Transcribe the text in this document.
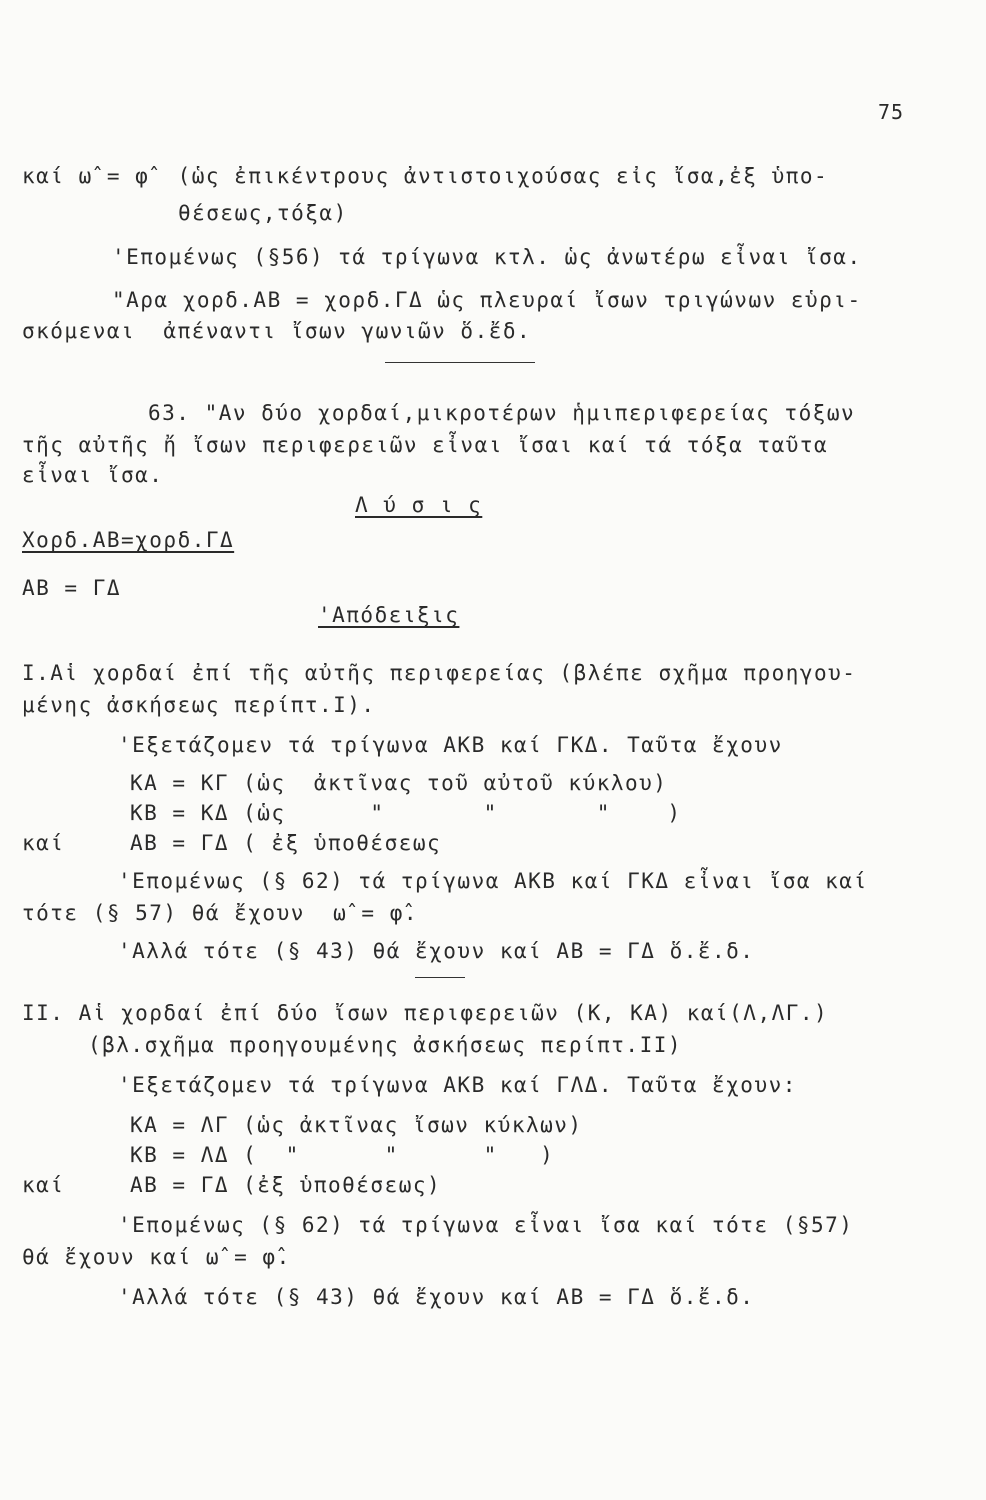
75
καί ω̂ = φ̂  (ὡς ἐπικέντρους ἀντιστοιχούσας εἰς ἴσα,ἐξ ὑπο-
θέσεως,τόξα)
'Επομένως (§56) τά τρίγωνα κτλ. ὡς ἀνωτέρω εἶναι ἴσα.
"Αρα χορδ.ΑΒ = χορδ.ΓΔ ὡς πλευραί ἴσων τριγώνων εὑρι-
σκόμεναι  ἀπέναντι ἴσων γωνιῶν ὅ.ἔδ.
63. "Αν δύο χορδαί,μικροτέρων ἡμιπεριφερείας τόξων
τῆς αὐτῆς ἤ ἴσων περιφερειῶν εἶναι ἴσαι καί τά τόξα ταῦτα
εἶναι ἴσα.
Λ ύ σ ι ς
Χορδ.ΑΒ=χορδ.ΓΔ
ΑΒ = ΓΔ
'Απόδειξις
Ι.Αἱ χορδαί ἐπί τῆς αὐτῆς περιφερείας (βλέπε σχῆμα προηγου-
μένης ἀσκήσεως περίπτ.Ι).
'Εξετάζομεν τά τρίγωνα ΑΚΒ καί ΓΚΔ. Ταῦτα ἔχουν
ΚΑ = ΚΓ (ὡς  ἀκτῖνας τοῦ αὐτοῦ κύκλου)
ΚΒ = ΚΔ (ὡς      "       "       "    )
καί	ΑΒ = ΓΔ ( ἐξ ὑποθέσεως
'Επομένως (§ 62) τά τρίγωνα ΑΚΒ καί ΓΚΔ εἶναι ἴσα καί
τότε (§ 57) θά ἔχουν  ω̂ = φ̂.
'Αλλά τότε (§ 43) θά ἔχουν καί ΑΒ = ΓΔ ὅ.ἔ.δ.
ΙΙ. Αἱ χορδαί ἐπί δύο ἴσων περιφερειῶν (Κ, ΚΑ) καί(Λ,ΛΓ.)
(βλ.σχῆμα προηγουμένης ἀσκήσεως περίπτ.ΙΙ)
'Εξετάζομεν τά τρίγωνα ΑΚΒ καί ΓΛΔ. Ταῦτα ἔχουν:
ΚΑ = ΛΓ (ὡς ἀκτῖνας ἴσων κύκλων)
ΚΒ = ΛΔ (  "      "      "   )
καί	ΑΒ = ΓΔ (ἐξ ὑποθέσεως)
'Επομένως (§ 62) τά τρίγωνα εἶναι ἴσα καί τότε (§57)
θά ἔχουν καί ω̂ = φ̂.
'Αλλά τότε (§ 43) θά ἔχουν καί ΑΒ = ΓΔ ὅ.ἔ.δ.
